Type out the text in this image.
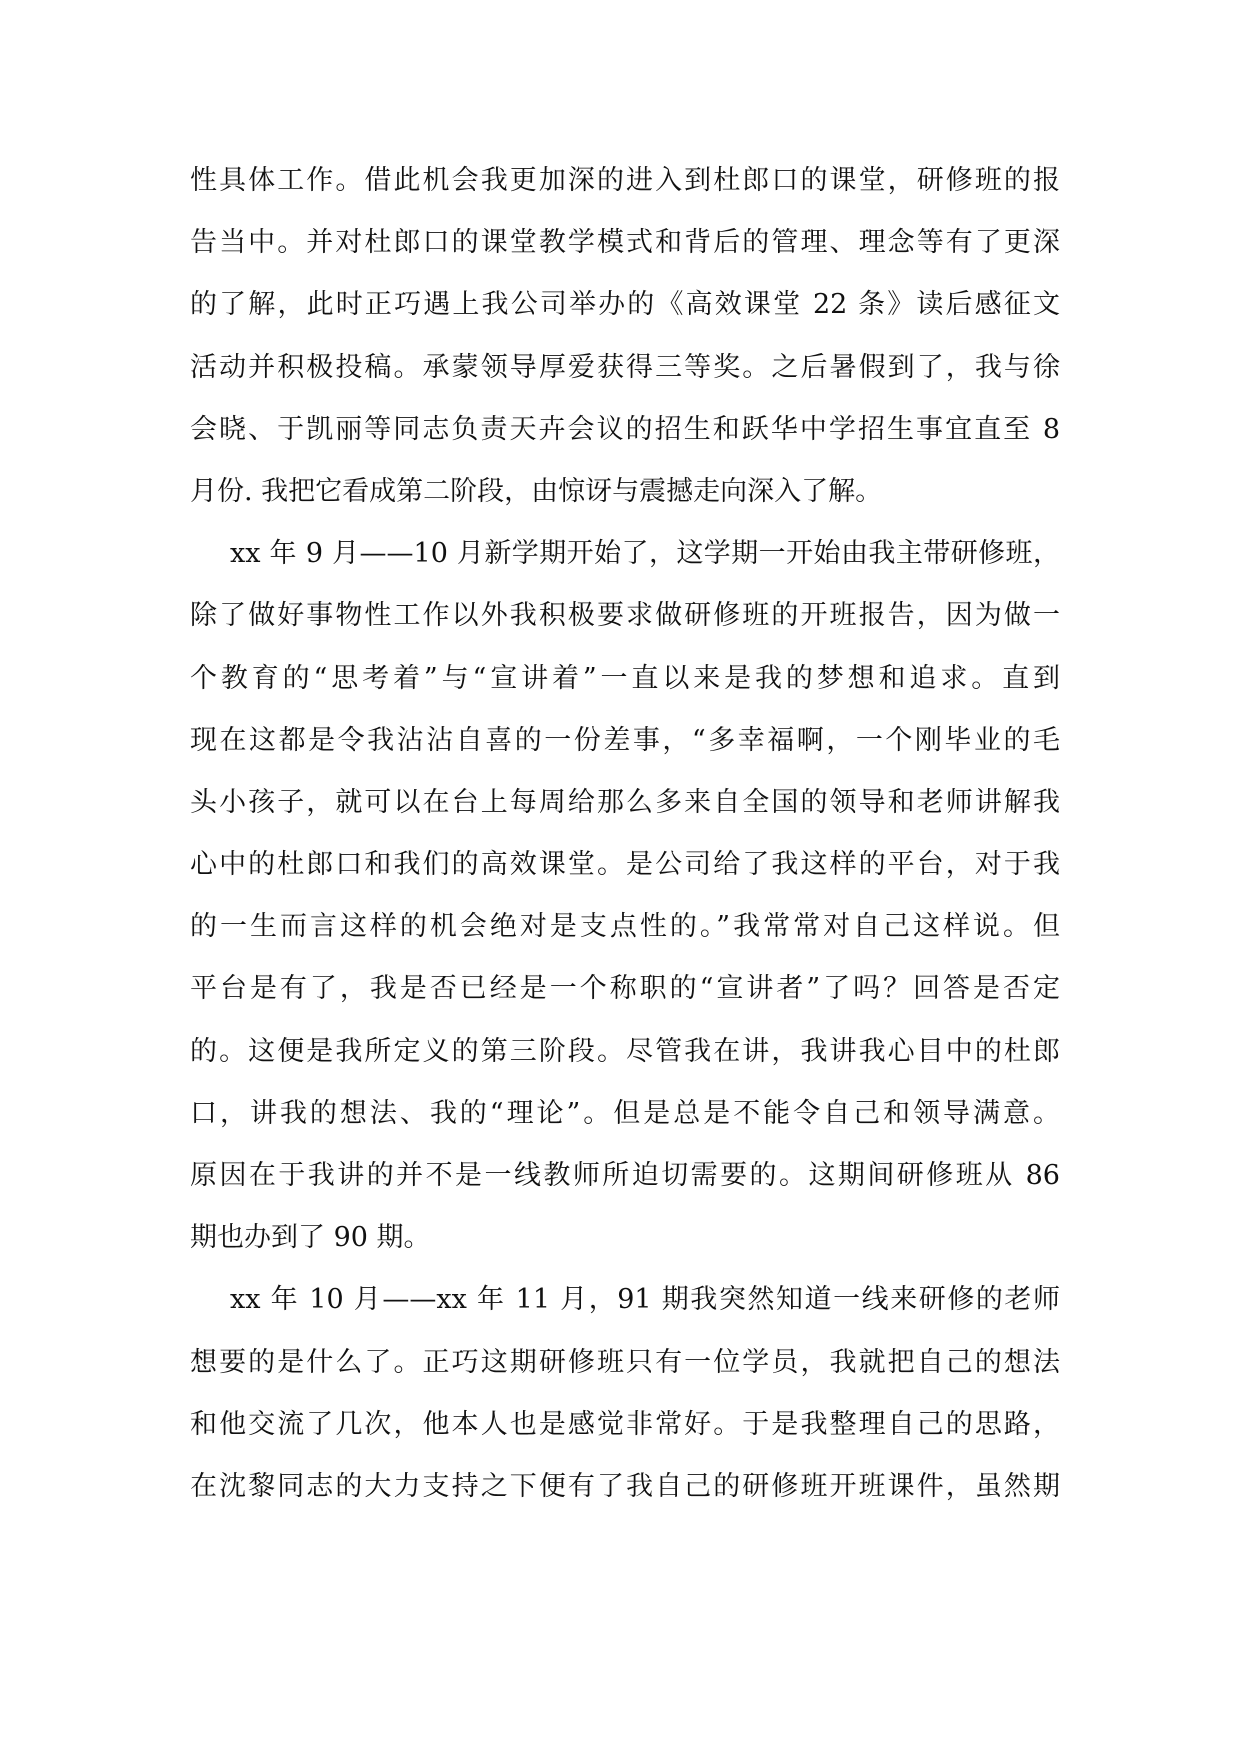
性具体工作。借此机会我更加深的进入到杜郎口的课堂，研修班的报
告当中。并对杜郎口的课堂教学模式和背后的管理、理念等有了更深
的了解，此时正巧遇上我公司举办的《高效课堂 22 条》读后感征文
活动并积极投稿。承蒙领导厚爱获得三等奖。之后暑假到了，我与徐
会晓、于凯丽等同志负责天卉会议的招生和跃华中学招生事宜直至 8
月份. 我把它看成第二阶段，由惊讶与震撼走向深入了解。
xx 年 9 月——10 月新学期开始了，这学期一开始由我主带研修班，
除了做好事物性工作以外我积极要求做研修班的开班报告，因为做一
个教育的“思考着”与“宣讲着”一直以来是我的梦想和追求。直到
现在这都是令我沾沾自喜的一份差事，“多幸福啊，一个刚毕业的毛
头小孩子，就可以在台上每周给那么多来自全国的领导和老师讲解我
心中的杜郎口和我们的高效课堂。是公司给了我这样的平台，对于我
的一生而言这样的机会绝对是支点性的。”我常常对自己这样说。但
平台是有了，我是否已经是一个称职的“宣讲者”了吗？回答是否定
的。这便是我所定义的第三阶段。尽管我在讲，我讲我心目中的杜郎
口，讲我的想法、我的“理论”。但是总是不能令自己和领导满意。
原因在于我讲的并不是一线教师所迫切需要的。这期间研修班从 86
期也办到了 90 期。
xx 年 10 月——xx 年 11 月，91 期我突然知道一线来研修的老师
想要的是什么了。正巧这期研修班只有一位学员，我就把自己的想法
和他交流了几次，他本人也是感觉非常好。于是我整理自己的思路，
在沈黎同志的大力支持之下便有了我自己的研修班开班课件，虽然期
